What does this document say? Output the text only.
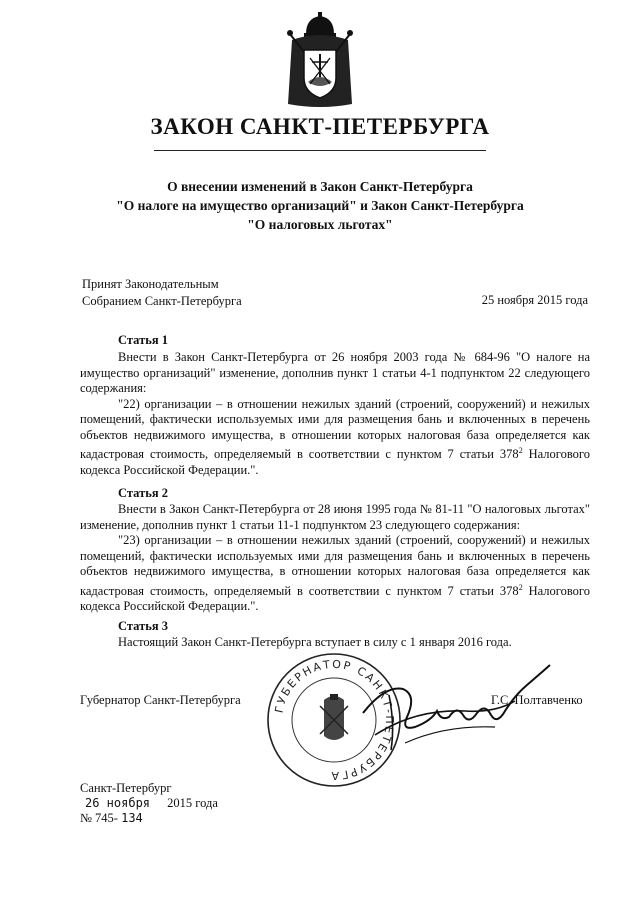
ЗАКОН САНКТ-ПЕТЕРБУРГА
О внесении изменений в Закон Санкт-Петербурга
"О налоге на имущество организаций" и Закон Санкт-Петербурга
"О налоговых льготах"
Принят Законодательным
Собранием Санкт-Петербурга	25 ноября 2015 года
Статья 1
Внести в Закон Санкт-Петербурга от 26 ноября 2003 года № 684-96 "О налоге на имущество организаций" изменение, дополнив пункт 1 статьи 4-1 подпунктом 22 следующего содержания:
"22) организации – в отношении нежилых зданий (строений, сооружений) и нежилых помещений, фактически используемых ими для размещения бань и включенных в перечень объектов недвижимого имущества, в отношении которых налоговая база определяется как кадастровая стоимость, определяемый в соответствии с пунктом 7 статьи $378^2$ Налогового кодекса Российской Федерации.".
Статья 2
Внести в Закон Санкт-Петербурга от 28 июня 1995 года № 81-11 "О налоговых льготах" изменение, дополнив пункт 1 статьи 11-1 подпунктом 23 следующего содержания:
"23) организации – в отношении нежилых зданий (строений, сооружений) и нежилых помещений, фактически используемых ими для размещения бань и включенных в перечень объектов недвижимого имущества, в отношении которых налоговая база определяется как кадастровая стоимость, определяемый в соответствии с пунктом 7 статьи $378^2$ Налогового кодекса Российской Федерации.".
Статья 3
Настоящий Закон Санкт-Петербурга вступает в силу с 1 января 2016 года.
ГУБЕРНАТОР САНКТ-ПЕТЕРБУРГА
Губернатор Санкт-Петербурга	Г.С. Полтавченко
Санкт-Петербург
26 ноября 2015 года
№ 745- 134
